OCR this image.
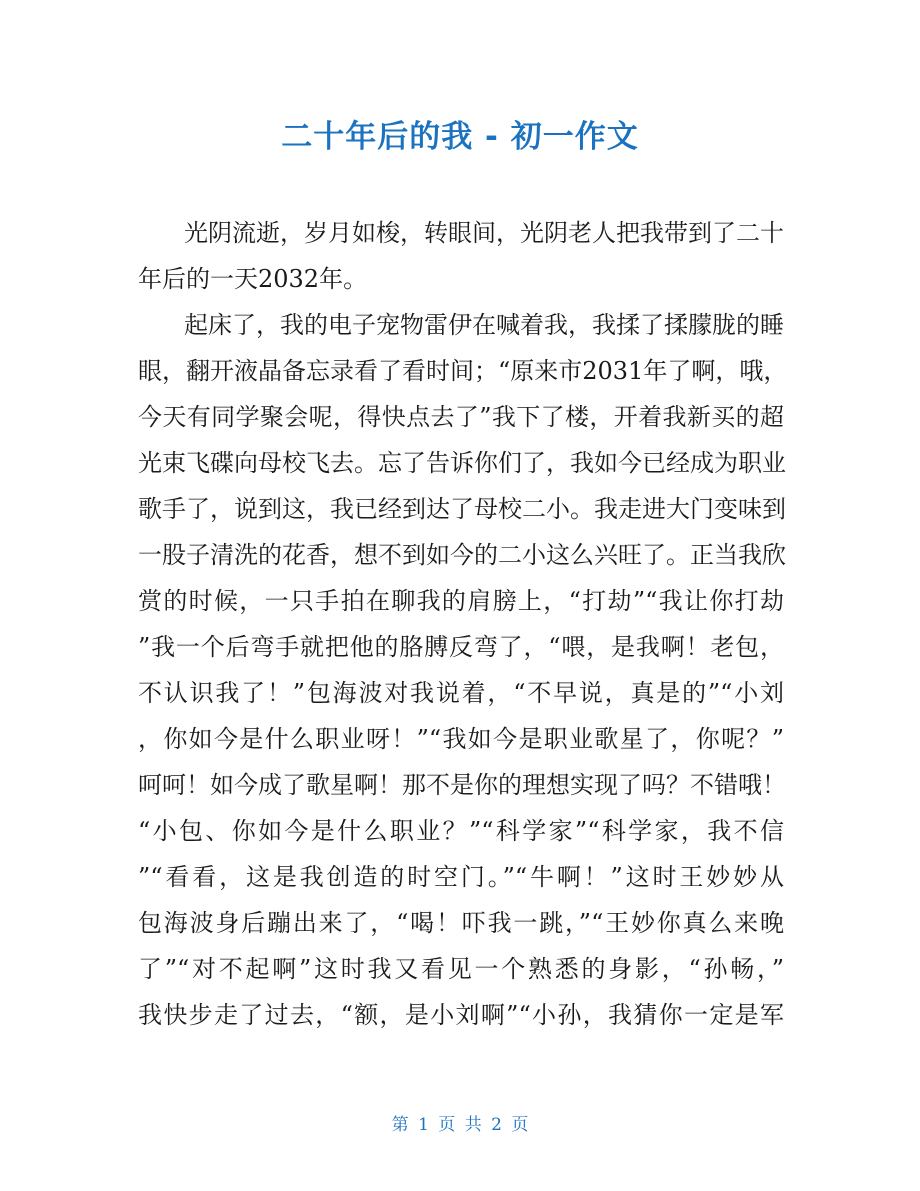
二十年后的我 - 初一作文
光阴流逝，岁月如梭，转眼间，光阴老人把我带到了二十
年后的一天2032年。
起床了，我的电子宠物雷伊在喊着我，我揉了揉朦胧的睡
眼，翻开液晶备忘录看了看时间；“原来市2031年了啊，哦，
今天有同学聚会呢，得快点去了”我下了楼，开着我新买的超
光束飞碟向母校飞去。忘了告诉你们了，我如今已经成为职业
歌手了，说到这，我已经到达了母校二小。我走进大门变味到
一股子清洗的花香，想不到如今的二小这么兴旺了。正当我欣
赏的时候，一只手拍在聊我的肩膀上，“打劫”“我让你打劫
”我一个后弯手就把他的胳膊反弯了，“喂，是我啊！老包，
不认识我了！”包海波对我说着，“不早说，真是的”“小刘
，你如今是什么职业呀！”“我如今是职业歌星了，你呢？”
呵呵！如今成了歌星啊！那不是你的理想实现了吗？不错哦！
“小包、你如今是什么职业？”“科学家”“科学家，我不信
”“看看，这是我创造的时空门。”“牛啊！”这时王妙妙从
包海波身后蹦出来了，“喝！吓我一跳，”“王妙你真么来晚
了”“对不起啊”这时我又看见一个熟悉的身影，“孙畅，”
我快步走了过去，“额，是小刘啊”“小孙，我猜你一定是军
第 1 页 共 2 页
